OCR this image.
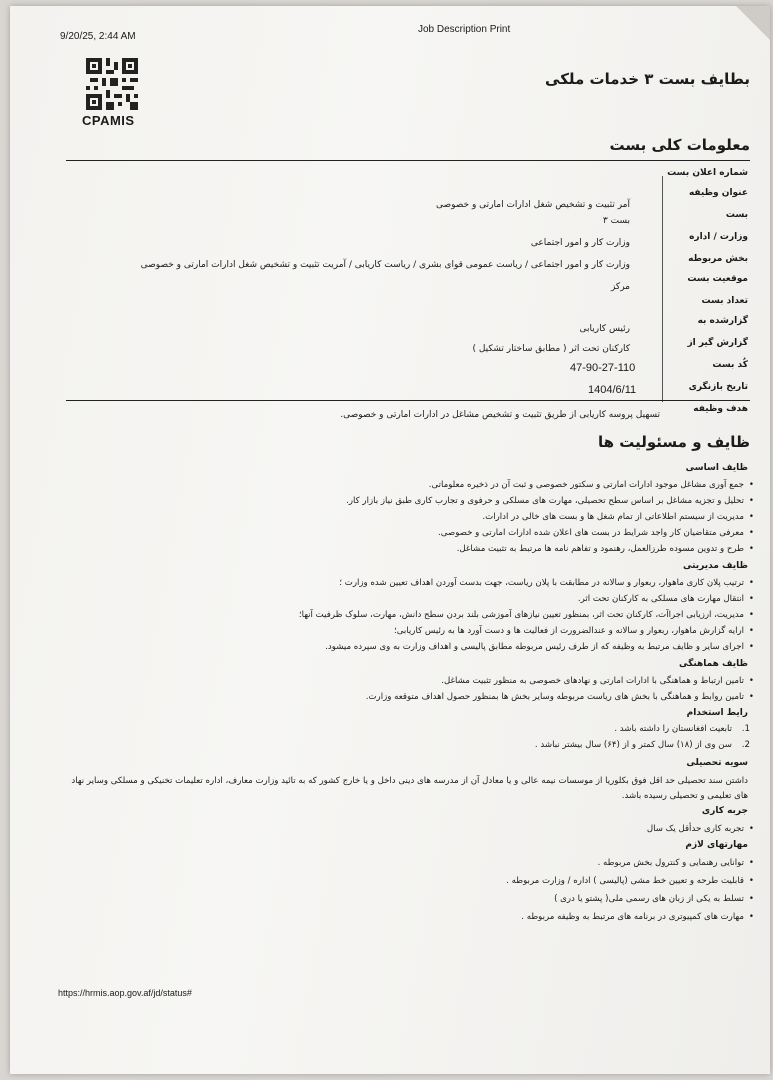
9/20/25, 2:44 AM
Job Description Print
CPAMIS
بطایف بست ۳ خدمات ملکی
معلومات کلی بست
شماره اعلان بست
عنوان وظیفه
آمر تثبیت و تشخیص شغل ادارات امارتی و خصوصی
بست
بست ۳
وزارت / اداره
وزارت کار و امور اجتماعی
بخش مربوطه
وزارت کار و امور اجتماعی / ریاست عمومی قوای بشری / ریاست کاریابی / آمریت تثبیت و تشخیص شغل ادارات امارتی و خصوصی
موقعیت بست
مرکز
تعداد بست
گزارشده به
رئیس کاریابی
گزارش گیر از
کارکنان تحت اثر ( مطابق ساختار تشکیل )
کُد بست
47-90-27-110
تاریخ بازنگری
1404/6/11
هدف وظیفه
تسهیل پروسه کاریابی از طریق تثبیت و تشخیص مشاغل در ادارات امارتی و خصوصی.
ظایف و مسئولیت ها
ظایف اساسی
جمع آوری مشاغل موجود ادارات امارتی و سکتور خصوصی و ثبت آن در ذخیره معلوماتی. •
تحلیل و تجزیه مشاغل بر اساس سطح تحصیلی، مهارت های مسلکی و حرفوی و تجارب کاری طبق نیاز بازار کار. •
مدیریت از سیستم اطلاعاتی از تمام شغل ها و بست های خالی در ادارات. •
معرفی متقاضیان کار واجد شرایط در بست های اعلان شده ادارات امارتی و خصوصی. •
طرح و تدوین مسوده طرزالعمل، رهنمود و تفاهم نامه ها مرتبط به تثبیت مشاغل. •
ظایف مدیریتی
ترتیب پلان کاری ماهوار، ربعوار و سالانه در مطابقت با پلان ریاست، جهت بدست آوردن اهداف تعیین شده وزارت ؛ •
انتقال مهارت های مسلکی به کارکنان تحت اثر. •
مدیریت، ارزیابی اجراآت، کارکنان تحت اثر، بمنظور تعیین نیازهای آموزشی بلند بردن سطح دانش، مهارت، سلوک ظرفیت آنها؛ •
ارایه گزارش ماهوار، ربعوار و سالانه و عندالضرورت از فعالیت ها و دست آورد ها به رئیس کاریابی؛ •
اجرای سایر و ظایف مرتبط به وظیفه که از طرف رئیس مربوطه مطابق پالیسی و اهداف وزارت به وی سپرده میشود. •
ظایف هماهنگی
تامین ارتباط و هماهنگی با ادارات امارتی و نهادهای خصوصی به منظور تثبیت مشاغل. •
تامین روابط و هماهنگی با بخش های ریاست مربوطه وسایر بخش ها بمنظور حصول اهداف متوقعه وزارت. •
رایط استخدام
تابعیت افغانستان را داشته باشد . .1
سن وی از (۱۸) سال کمتر و از (۶۴) سال بیشتر نباشد . .2
سویه تحصیلی
داشتن سند تحصیلی حد اقل فوق بکلوریا از موسسات نیمه عالی و یا معادل آن از مدرسه های دینی داخل و یا خارج کشور که به تائید وزارت معارف، اداره تعلیمات تخنیکی و مسلکی وسایر نهاد های تعلیمی و تحصیلی رسیده باشد.
جربه کاری
تجربه کاری حدأقل یک سال •
مهارتهای لازم
توانایی رهنمایی و کنترول بخش مربوطه . •
قابلیت طرحه و تعیین خط مشی (پالیسی ) اداره / وزارت مربوطه . •
تسلط به یکی از زبان های رسمی ملی( پشتو یا دری ) •
مهارت های کمپیوتری در برنامه های مرتبط به وظیفه مربوطه . •
https://hrmis.aop.gov.af/jd/status#
